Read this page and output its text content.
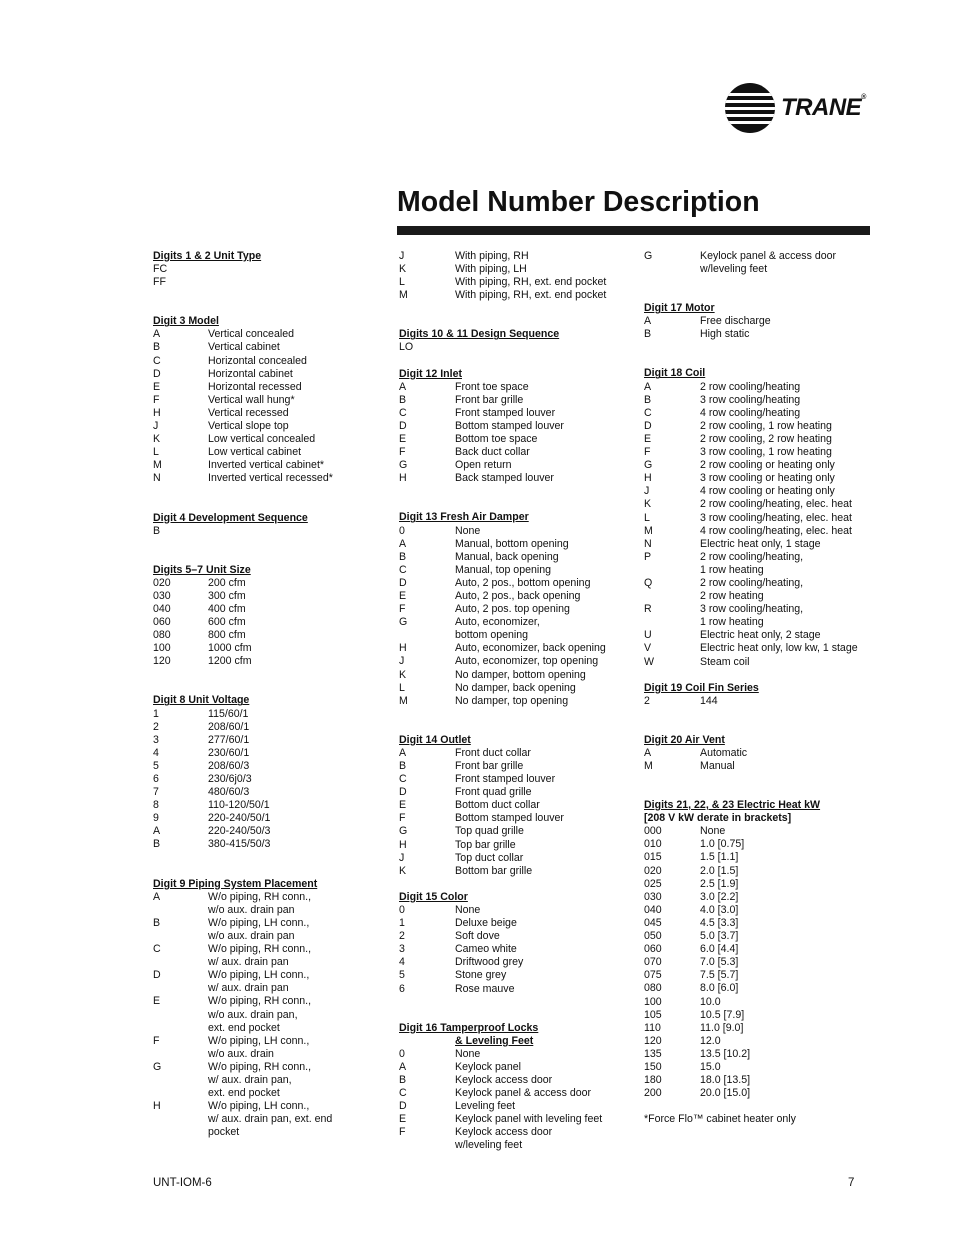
TRANE®
Model Number Description
Digits 1 & 2 Unit Type
FC
FF
Digit 3 Model
A	Vertical concealed
B	Vertical cabinet
C	Horizontal concealed
D	Horizontal cabinet
E	Horizontal recessed
F	Vertical wall hung*
H	Vertical recessed
J	Vertical slope top
K	Low vertical concealed
L	Low vertical cabinet
M	Inverted vertical cabinet*
N	Inverted vertical recessed*
Digit 4 Development Sequence
B
Digits 5–7 Unit Size
020	200 cfm
030	300 cfm
040	400 cfm
060	600 cfm
080	800 cfm
100	1000 cfm
120	1200 cfm
Digit 8 Unit Voltage
1	115/60/1
2	208/60/1
3	277/60/1
4	230/60/1
5	208/60/3
6	230/6j0/3
7	480/60/3
8	110-120/50/1
9	220-240/50/1
A	220-240/50/3
B	380-415/50/3
Digit 9 Piping System Placement
A	W/o piping, RH conn.,
w/o aux. drain pan
B	W/o piping, LH conn.,
w/o aux. drain pan
C	W/o piping, RH conn.,
w/ aux. drain pan
D	W/o piping, LH conn.,
w/ aux. drain pan
E	W/o piping, RH conn.,
w/o aux. drain pan,
ext. end pocket
F	W/o piping, LH conn.,
w/o aux. drain
G	W/o piping, RH conn.,
w/ aux. drain pan,
ext. end pocket
H	W/o piping, LH conn.,
w/ aux. drain pan, ext. end
pocket
J	With piping, RH
K	With piping, LH
L	With piping, RH, ext. end pocket
M	With piping, RH, ext. end pocket
Digits 10 & 11 Design Sequence
LO
Digit 12 Inlet
A	Front toe space
B	Front bar grille
C	Front stamped louver
D	Bottom stamped louver
E	Bottom toe space
F	Back duct collar
G	Open return
H	Back stamped louver
Digit 13 Fresh Air Damper
0	None
A	Manual, bottom opening
B	Manual, back opening
C	Manual, top opening
D	Auto, 2 pos., bottom opening
E	Auto, 2 pos., back opening
F	Auto, 2 pos. top opening
G	Auto, economizer,
bottom opening
H	Auto, economizer, back opening
J	Auto, economizer, top opening
K	No damper, bottom opening
L	No damper, back opening
M	No damper, top opening
Digit 14 Outlet
A	Front duct collar
B	Front bar grille
C	Front stamped louver
D	Front quad grille
E	Bottom duct collar
F	Bottom stamped louver
G	Top quad grille
H	Top bar grille
J	Top duct collar
K	Bottom bar grille
Digit 15 Color
0	None
1	Deluxe beige
2	Soft dove
3	Cameo white
4	Driftwood grey
5	Stone grey
6	Rose mauve
Digit 16 Tamperproof Locks
& Leveling Feet
0	None
A	Keylock panel
B	Keylock access door
C	Keylock panel & access door
D	Leveling feet
E	Keylock panel with leveling feet
F	Keylock access door
w/leveling feet
G	Keylock panel & access door
w/leveling feet
Digit 17 Motor
A	Free discharge
B	High static
Digit 18 Coil
A	2 row cooling/heating
B	3 row cooling/heating
C	4 row cooling/heating
D	2 row cooling, 1 row heating
E	2 row cooling, 2 row heating
F	3 row cooling, 1 row heating
G	2 row cooling or heating only
H	3 row cooling or heating only
J	4 row cooling or heating only
K	2 row cooling/heating, elec. heat
L	3 row cooling/heating, elec. heat
M	4 row cooling/heating, elec. heat
N	Electric heat only, 1 stage
P	2 row cooling/heating,
1 row heating
Q	2 row cooling/heating,
2 row heating
R	3 row cooling/heating,
1 row heating
U	Electric heat only, 2 stage
V	Electric heat only, low kw, 1 stage
W	Steam coil
Digit 19 Coil Fin Series
2	144
Digit 20 Air Vent
A	Automatic
M	Manual
Digits 21, 22, & 23 Electric Heat kW
[208 V kW derate in brackets]
000	None
010	1.0 [0.75]
015	1.5 [1.1]
020	2.0 [1.5]
025	2.5 [1.9]
030	3.0 [2.2]
040	4.0 [3.0]
045	4.5 [3.3]
050	5.0 [3.7]
060	6.0 [4.4]
070	7.0 [5.3]
075	7.5 [5.7]
080	8.0 [6.0]
100	10.0
105	10.5 [7.9]
110	11.0 [9.0]
120	12.0
135	13.5 [10.2]
150	15.0
180	18.0 [13.5]
200	20.0 [15.0]
*Force Flo™ cabinet heater only
UNT-IOM-6	7
